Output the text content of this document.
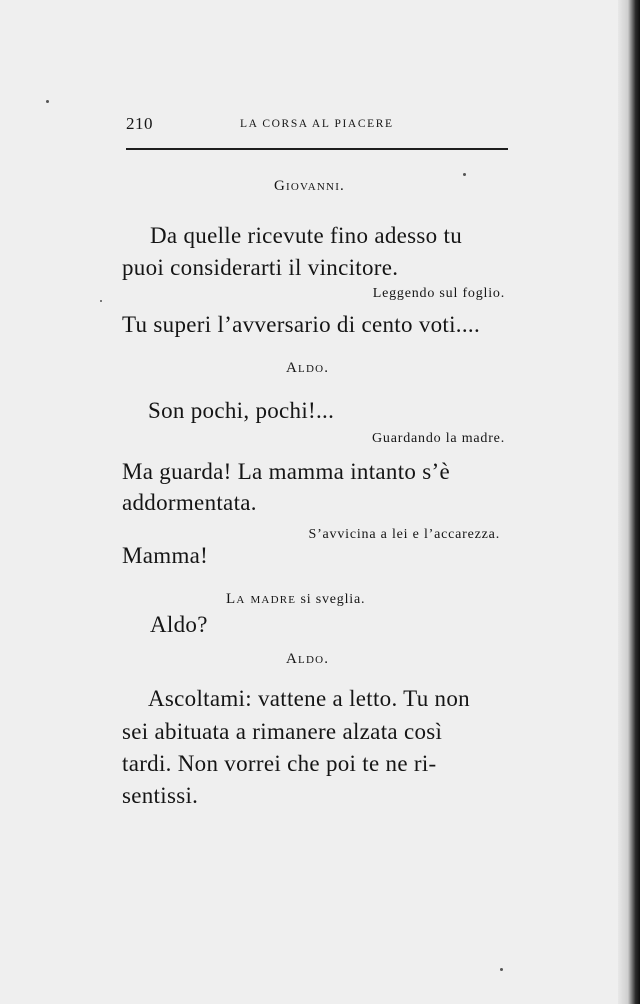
210	LA CORSA AL PIACERE
Giovanni.
Da quelle ricevute fino adesso tu
puoi considerarti il vincitore.
Leggendo sul foglio.
Tu superi l’avversario di cento voti....
Aldo.
Son pochi, pochi!...
Guardando la madre.
Ma guarda! La mamma intanto s’è
addormentata.
S’avvicina a lei e l’accarezza.
Mamma!
La madre si sveglia.
Aldo?
Aldo.
Ascoltami: vattene a letto. Tu non
sei abituata a rimanere alzata così
tardi. Non vorrei che poi te ne ri-
sentissi.
